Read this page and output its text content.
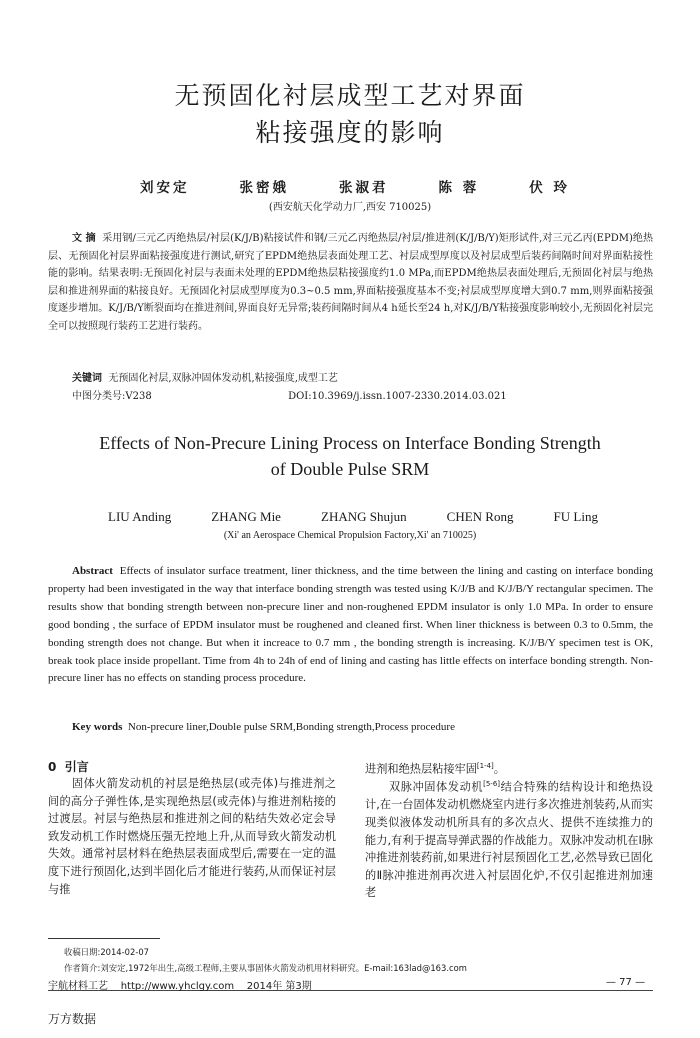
无预固化衬层成型工艺对界面
粘接强度的影响
刘安定	张密娥	张淑君	陈 蓉	伏 玲
(西安航天化学动力厂,西安 710025)
文 摘 采用钢/三元乙丙绝热层/衬层(K/J/B)粘接试件和钢/三元乙丙绝热层/衬层/推进剂(K/J/B/Y)矩形试件,对三元乙丙(EPDM)绝热层、无预固化衬层界面粘接强度进行测试,研究了EPDM绝热层表面处理工艺、衬层成型厚度以及衬层成型后装药间隔时间对界面粘接性能的影响。结果表明:无预固化衬层与表面未处理的EPDM绝热层粘接强度约1.0 MPa,而EPDM绝热层表面处理后,无预固化衬层与绝热层和推进剂界面的粘接良好。无预固化衬层成型厚度为0.3~0.5 mm,界面粘接强度基本不变;衬层成型厚度增大到0.7 mm,则界面粘接强度逐步增加。K/J/B/Y断裂面均在推进剂间,界面良好无异常;装药间隔时间从4 h延长至24 h,对K/J/B/Y粘接强度影响较小,无预固化衬层完全可以按照现行装药工艺进行装药。
关键词 无预固化衬层,双脉冲固体发动机,粘接强度,成型工艺
中图分类号:V238	DOI:10.3969/j.issn.1007-2330.2014.03.021
Effects of Non-Precure Lining Process on Interface Bonding Strength
of Double Pulse SRM
LIU Anding	ZHANG Mie	ZHANG Shujun	CHEN Rong	FU Ling
(Xi' an Aerospace Chemical Propulsion Factory,Xi' an 710025)
Abstract Effects of insulator surface treatment, liner thickness, and the time between the lining and casting on interface bonding property had been investigated in the way that interface bonding strength was tested using K/J/B and K/J/B/Y rectangular specimen. The results show that bonding strength between non-precure liner and non-roughened EPDM insulator is only 1.0 MPa. In order to ensure good bonding , the surface of EPDM insulator must be roughened and cleaned first. When liner thickness is between 0.3 to 0.5mm, the bonding strength does not change. But when it increace to 0.7 mm , the bonding strength is increasing. K/J/B/Y specimen test is OK, break took place inside propellant. Time from 4h to 24h of end of lining and casting has little effects on interface bonding strength. Non-precure liner has no effects on standing process procedure.
Key words Non-precure liner,Double pulse SRM,Bonding strength,Process procedure
0 引言
固体火箭发动机的衬层是绝热层(或壳体)与推进剂之间的高分子弹性体,是实现绝热层(或壳体)与推进剂粘接的过渡层。衬层与绝热层和推进剂之间的粘结失效必定会导致发动机工作时燃烧压强无控地上升,从而导致火箭发动机失效。通常衬层材料在绝热层表面成型后,需要在一定的温度下进行预固化,达到半固化后才能进行装药,从而保证衬层与推
进剂和绝热层粘接牢固[1-4]。
双脉冲固体发动机[5-6]结合特殊的结构设计和绝热设计,在一台固体发动机燃烧室内进行多次推进剂装药,从而实现类似液体发动机所具有的多次点火、提供不连续推力的能力,有利于提高导弹武器的作战能力。双脉冲发动机在Ⅰ脉冲推进剂装药前,如果进行衬层预固化工艺,必然导致已固化的Ⅱ脉冲推进剂再次进入衬层固化炉,不仅引起推进剂加速老
收稿日期:2014-02-07
作者简介:刘安定,1972年出生,高级工程师,主要从事固体火箭发动机用材料研究。E-mail:163lad@163.com
宇航材料工艺 http://www.yhclgy.com 2014年 第3期	— 77 —
万方数据
